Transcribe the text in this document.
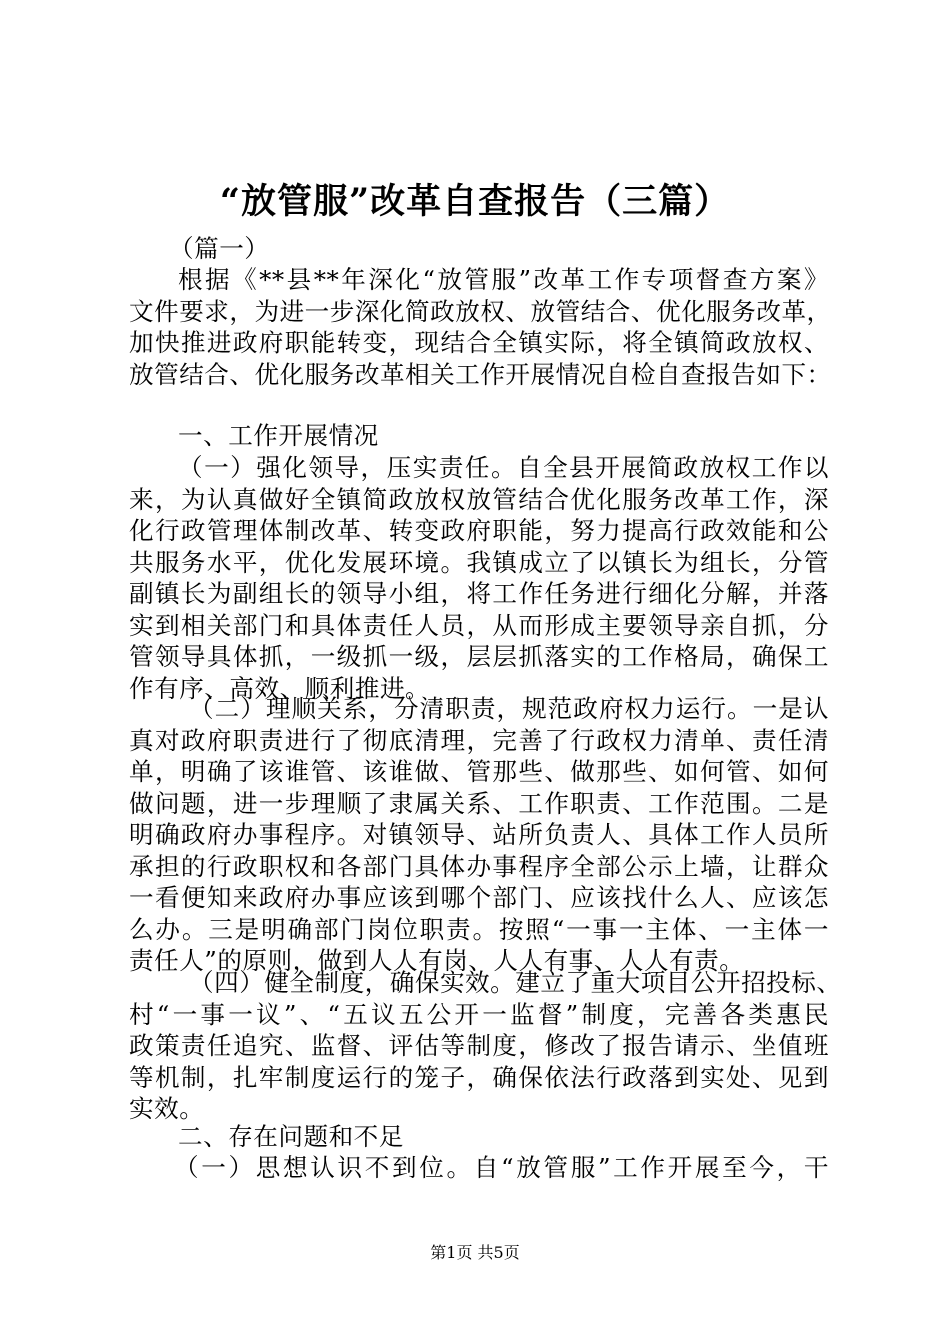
“放管服”改革自查报告（三篇）
（篇一）
根据《**县**年深化“放管服”改革工作专项督查方案》
文件要求，为进一步深化简政放权、放管结合、优化服务改革，
加快推进政府职能转变，现结合全镇实际，将全镇简政放权、
放管结合、优化服务改革相关工作开展情况自检自查报告如下：
一、工作开展情况
（一）强化领导，压实责任。自全县开展简政放权工作以
来，为认真做好全镇简政放权放管结合优化服务改革工作，深
化行政管理体制改革、转变政府职能，努力提高行政效能和公
共服务水平，优化发展环境。我镇成立了以镇长为组长，分管
副镇长为副组长的领导小组，将工作任务进行细化分解，并落
实到相关部门和具体责任人员，从而形成主要领导亲自抓，分
管领导具体抓，一级抓一级，层层抓落实的工作格局，确保工
作有序、高效、顺利推进。
（二）理顺关系，分清职责，规范政府权力运行。一是认
真对政府职责进行了彻底清理，完善了行政权力清单、责任清
单，明确了该谁管、该谁做、管那些、做那些、如何管、如何
做问题，进一步理顺了隶属关系、工作职责、工作范围。二是
明确政府办事程序。对镇领导、站所负责人、具体工作人员所
承担的行政职权和各部门具体办事程序全部公示上墙，让群众
一看便知来政府办事应该到哪个部门、应该找什么人、应该怎
么办。三是明确部门岗位职责。按照“一事一主体、一主体一
责任人”的原则，做到人人有岗、人人有事、人人有责。
（四）健全制度，确保实效。建立了重大项目公开招投标、
村“一事一议”、“五议五公开一监督”制度，完善各类惠民
政策责任追究、监督、评估等制度，修改了报告请示、坐值班
等机制，扎牢制度运行的笼子，确保依法行政落到实处、见到
实效。
二、存在问题和不足
（一）思想认识不到位。自“放管服”工作开展至今，干
第1页 共5页
